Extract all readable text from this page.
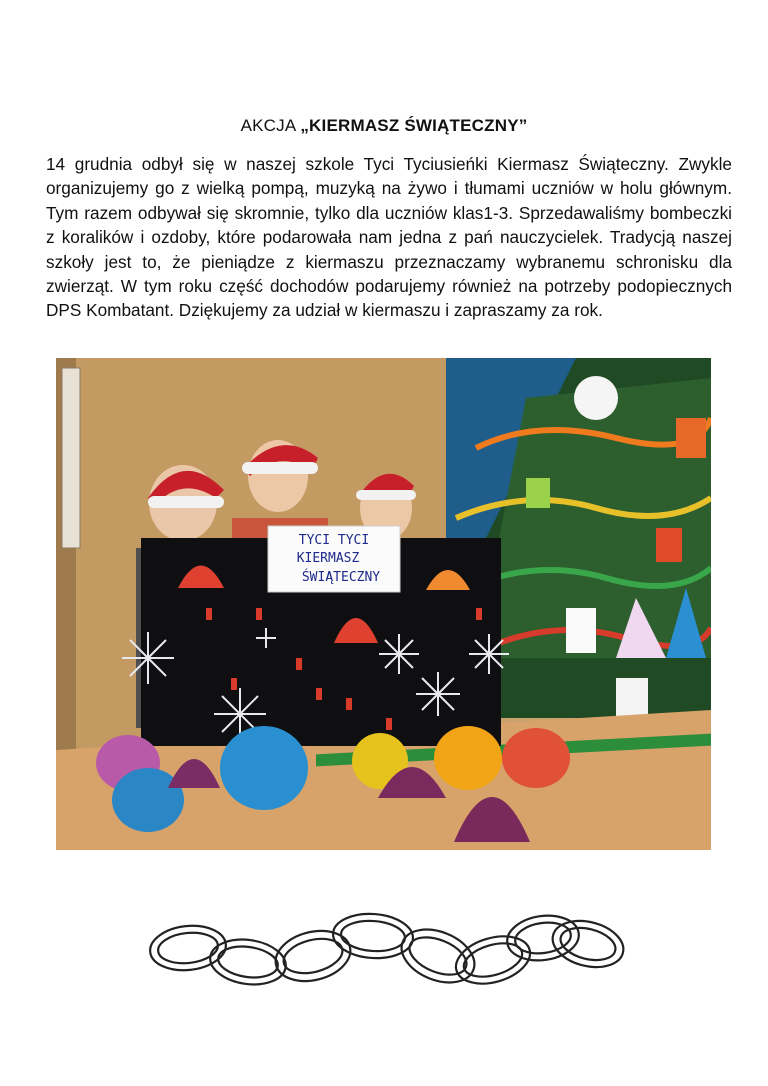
AKCJA „KIERMASZ ŚWIĄTECZNY”

14 grudnia odbył się w naszej szkole Tyci Tyciusieńki Kiermasz Świąteczny. Zwykle organizujemy go z wielką pompą, muzyką na żywo i tłumami uczniów w holu głównym. Tym razem odbywał się skromnie, tylko dla uczniów klas1-3. Sprzedawaliśmy bombeczki z koralików i ozdoby, które podarowała nam jedna z pań nauczycielek. Tradycją naszej szkoły jest to, że pieniądze z kiermaszu przeznaczamy wybranemu schronisku dla zwierząt. W tym roku część dochodów podarujemy również na potrzeby podopiecznych DPS Kombatant. Dziękujemy za udział w kiermaszu i zapraszamy za rok.

TYCI TYCI
KIERMASZ
ŚWIĄTECZNY
